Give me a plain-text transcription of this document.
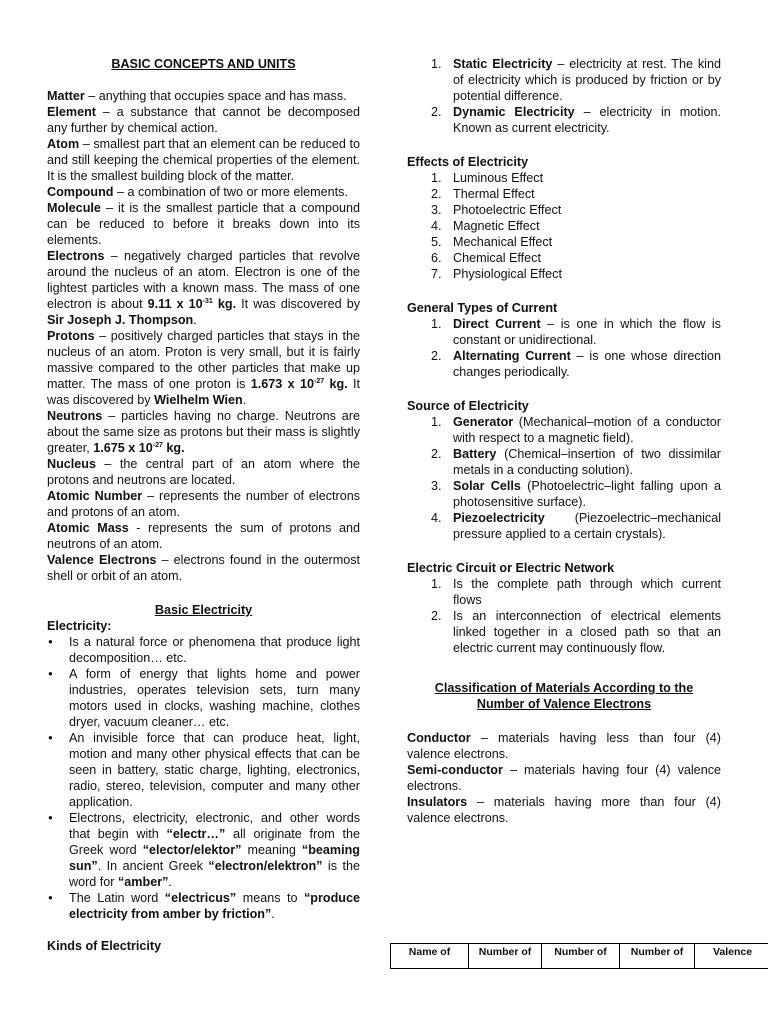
BASIC CONCEPTS AND UNITS

Matter – anything that occupies space and has mass.

Element – a substance that cannot be decomposed any further by chemical action.

Atom – smallest part that an element can be reduced to and still keeping the chemical properties of the element. It is the smallest building block of the matter.

Compound – a combination of two or more elements.

Molecule – it is the smallest particle that a compound can be reduced to before it breaks down into its elements.

Electrons – negatively charged particles that revolve around the nucleus of an atom. Electron is one of the lightest particles with a known mass. The mass of one electron is about 9.11 x $10^{-31}$ kg. It was discovered by Sir Joseph J. Thompson.

Protons – positively charged particles that stays in the nucleus of an atom. Proton is very small, but it is fairly massive compared to the other particles that make up matter. The mass of one proton is 1.673 x $10^{-27}$ kg. It was discovered by Wielhelm Wien.

Neutrons – particles having no charge. Neutrons are about the same size as protons but their mass is slightly greater, 1.675 x $10^{-27}$ kg.

Nucleus – the central part of an atom where the protons and neutrons are located.

Atomic Number – represents the number of electrons and protons of an atom.

Atomic Mass - represents the sum of protons and neutrons of an atom.

Valence Electrons – electrons found in the outermost shell or orbit of an atom.

Basic Electricity

Electricity:

● Is a natural force or phenomena that produce light decomposition… etc.
● A form of energy that lights home and power industries, operates television sets, turn many motors used in clocks, washing machine, clothes dryer, vacuum cleaner… etc.
● An invisible force that can produce heat, light, motion and many other physical effects that can be seen in battery, static charge, lighting, electronics, radio, stereo, television, computer and many other application.
● Electrons, electricity, electronic, and other words that begin with “electr…” all originate from the Greek word “elector/elektor” meaning “beaming sun”. In ancient Greek “electron/elektron” is the word for “amber”.
● The Latin word “electricus” means to “produce electricity from amber by friction”.

Kinds of Electricity

1. Static Electricity – electricity at rest. The kind of electricity which is produced by friction or by potential difference.
2. Dynamic Electricity – electricity in motion. Known as current electricity.

Effects of Electricity

1. Luminous Effect
2. Thermal Effect
3. Photoelectric Effect
4. Magnetic Effect
5. Mechanical Effect
6. Chemical Effect
7. Physiological Effect

General Types of Current

1. Direct Current – is one in which the flow is constant or unidirectional.
2. Alternating Current – is one whose direction changes periodically.

Source of Electricity

1. Generator (Mechanical–motion of a conductor with respect to a magnetic field).
2. Battery (Chemical–insertion of two dissimilar metals in a conducting solution).
3. Solar Cells (Photoelectric–light falling upon a photosensitive surface).
4. Piezoelectricity (Piezoelectric–mechanical pressure applied to a certain crystals).

Electric Circuit or Electric Network

1. Is the complete path through which current flows
2. Is an interconnection of electrical elements linked together in a closed path so that an electric current may continuously flow.

Classification of Materials According to the

Number of Valence Electrons

Conductor – materials having less than four (4) valence electrons.

Semi-conductor – materials having four (4) valence electrons.

Insulators – materials having more than four (4) valence electrons.

Name of	Number of	Number of	Number of	Valence
